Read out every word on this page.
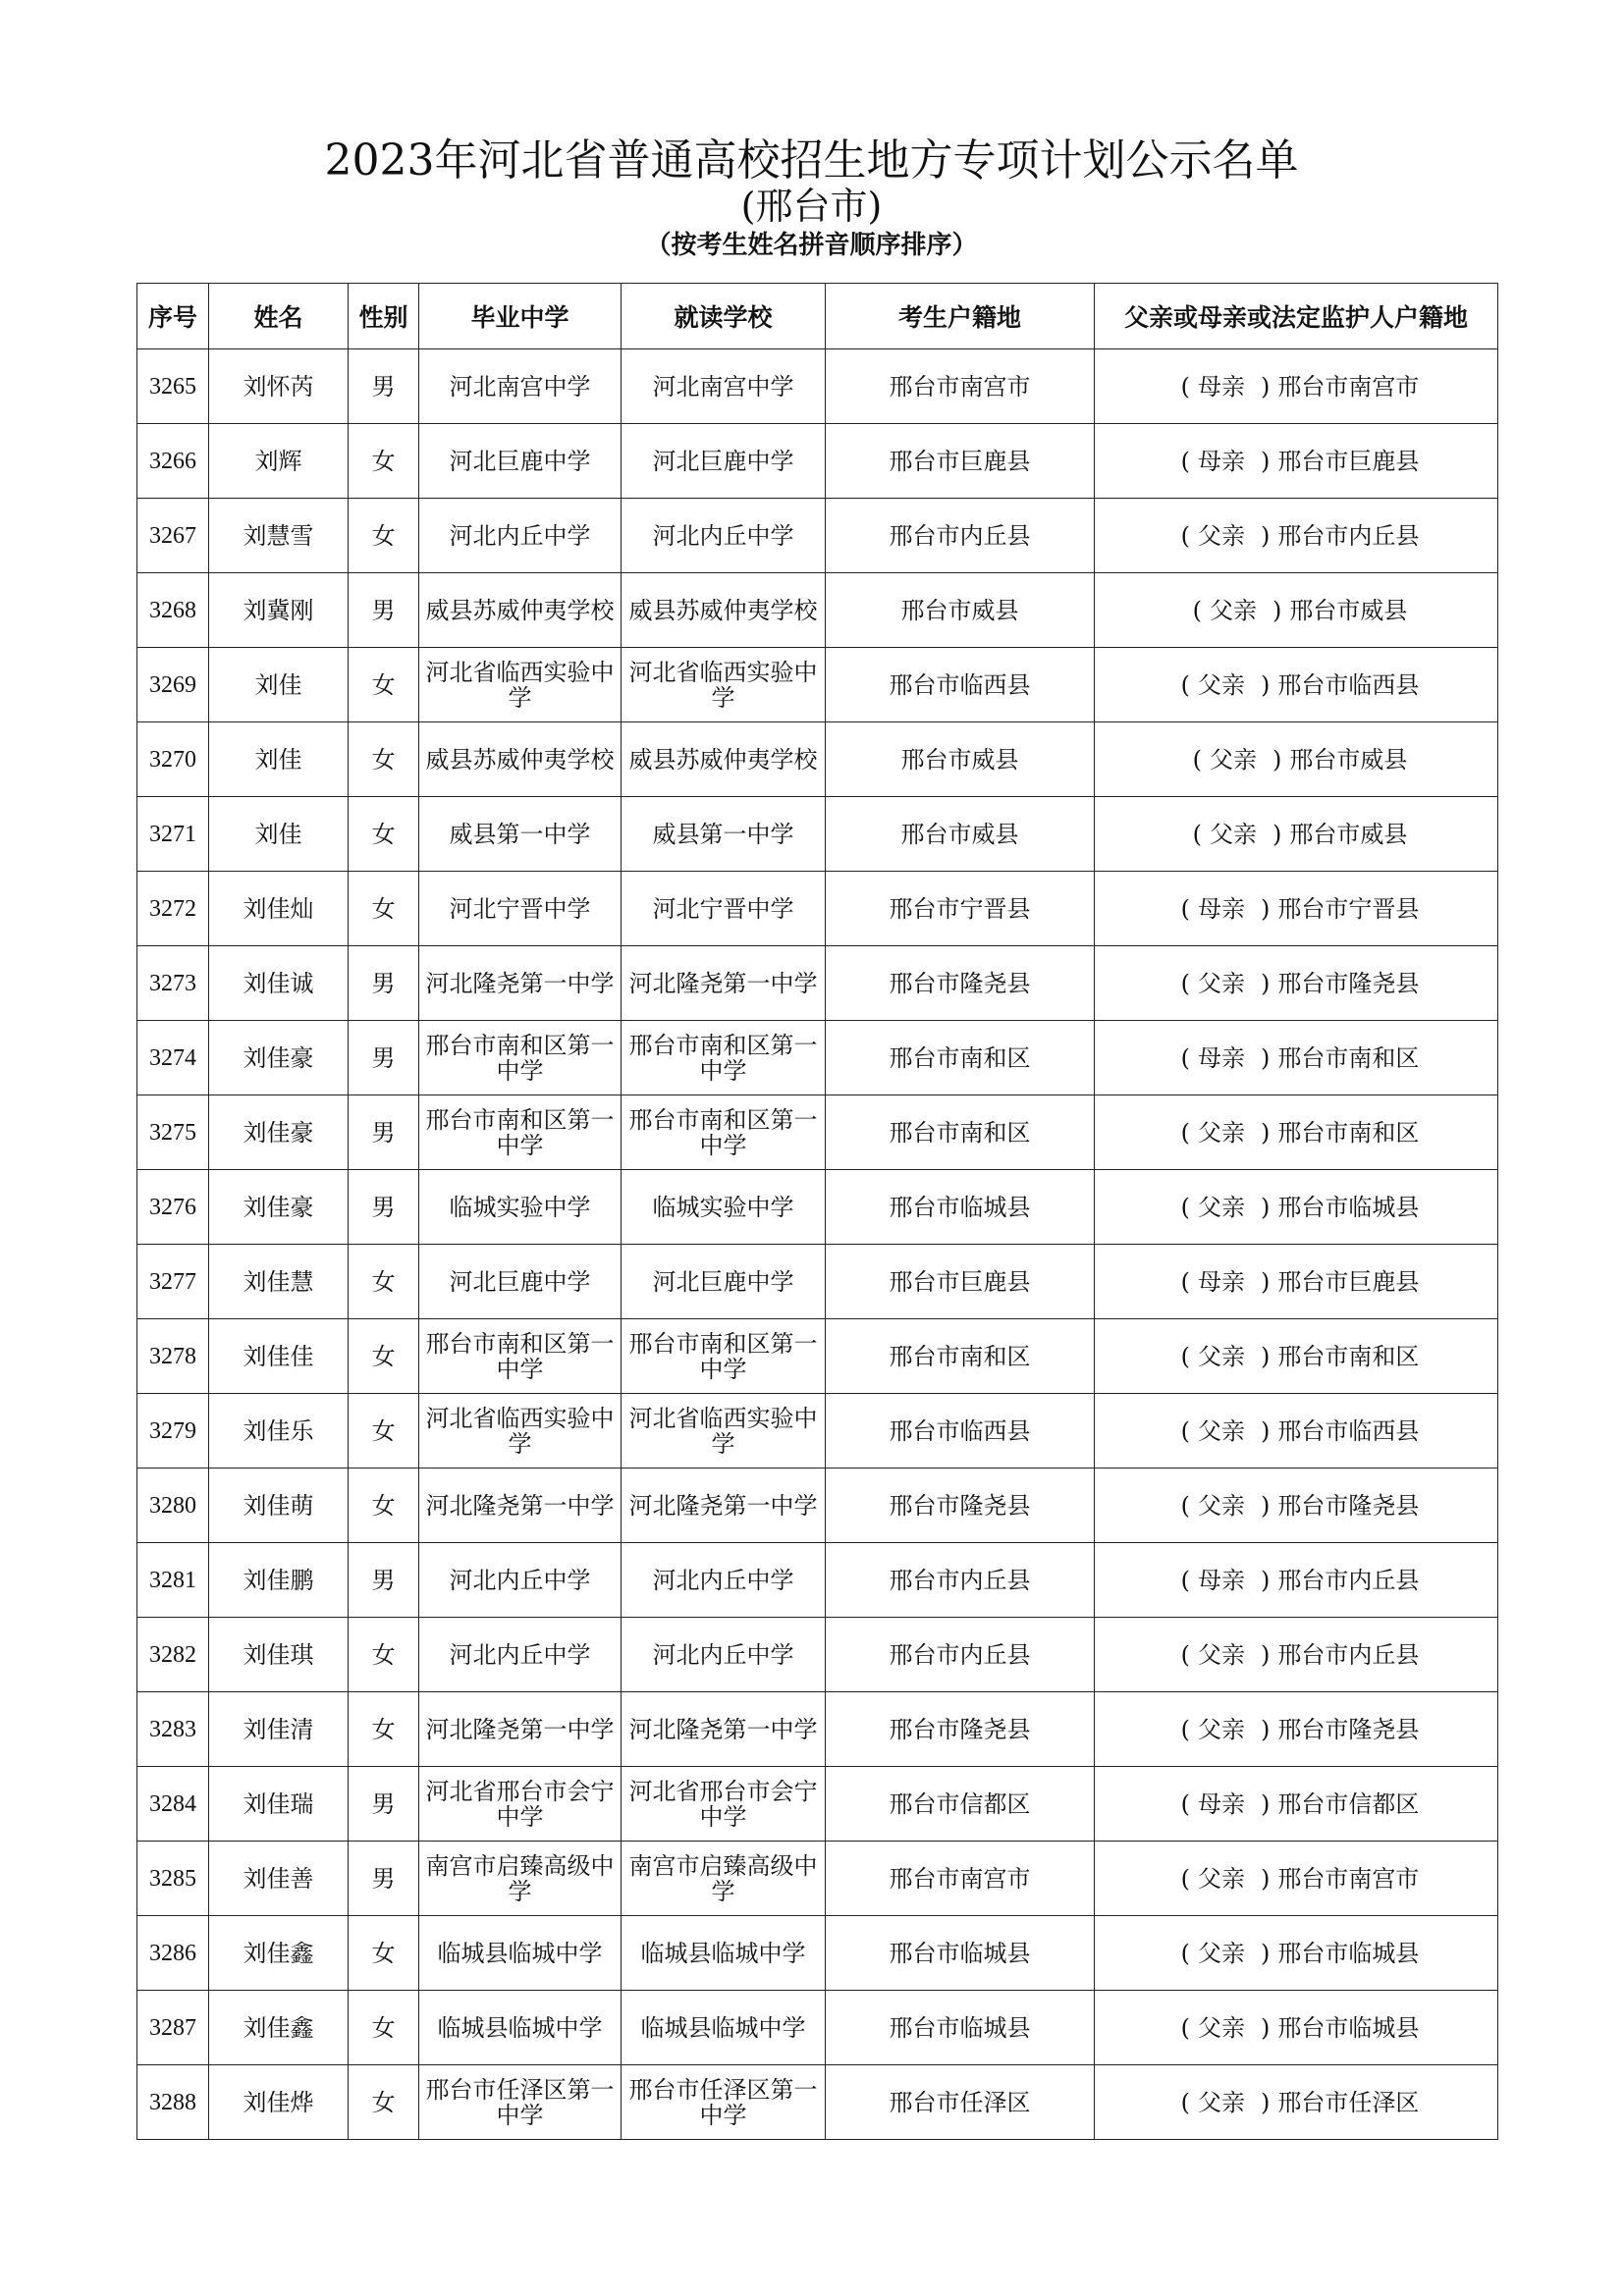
2023年河北省普通高校招生地方专项计划公示名单
(邢台市)
（按考生姓名拼音顺序排序）
序号	姓名	性别	毕业中学	就读学校	考生户籍地	父亲或母亲或法定监护人户籍地
3265	刘怀芮	男	河北南宫中学	河北南宫中学	邢台市南宫市	( 母亲 ) 邢台市南宫市
3266	刘辉	女	河北巨鹿中学	河北巨鹿中学	邢台市巨鹿县	( 母亲 ) 邢台市巨鹿县
3267	刘慧雪	女	河北内丘中学	河北内丘中学	邢台市内丘县	( 父亲 ) 邢台市内丘县
3268	刘冀刚	男	威县苏威仲夷学校	威县苏威仲夷学校	邢台市威县	( 父亲 ) 邢台市威县
3269	刘佳	女	河北省临西实验中学	河北省临西实验中学	邢台市临西县	( 父亲 ) 邢台市临西县
3270	刘佳	女	威县苏威仲夷学校	威县苏威仲夷学校	邢台市威县	( 父亲 ) 邢台市威县
3271	刘佳	女	威县第一中学	威县第一中学	邢台市威县	( 父亲 ) 邢台市威县
3272	刘佳灿	女	河北宁晋中学	河北宁晋中学	邢台市宁晋县	( 母亲 ) 邢台市宁晋县
3273	刘佳诚	男	河北隆尧第一中学	河北隆尧第一中学	邢台市隆尧县	( 父亲 ) 邢台市隆尧县
3274	刘佳豪	男	邢台市南和区第一中学	邢台市南和区第一中学	邢台市南和区	( 母亲 ) 邢台市南和区
3275	刘佳豪	男	邢台市南和区第一中学	邢台市南和区第一中学	邢台市南和区	( 父亲 ) 邢台市南和区
3276	刘佳豪	男	临城实验中学	临城实验中学	邢台市临城县	( 父亲 ) 邢台市临城县
3277	刘佳慧	女	河北巨鹿中学	河北巨鹿中学	邢台市巨鹿县	( 母亲 ) 邢台市巨鹿县
3278	刘佳佳	女	邢台市南和区第一中学	邢台市南和区第一中学	邢台市南和区	( 父亲 ) 邢台市南和区
3279	刘佳乐	女	河北省临西实验中学	河北省临西实验中学	邢台市临西县	( 父亲 ) 邢台市临西县
3280	刘佳萌	女	河北隆尧第一中学	河北隆尧第一中学	邢台市隆尧县	( 父亲 ) 邢台市隆尧县
3281	刘佳鹏	男	河北内丘中学	河北内丘中学	邢台市内丘县	( 母亲 ) 邢台市内丘县
3282	刘佳琪	女	河北内丘中学	河北内丘中学	邢台市内丘县	( 父亲 ) 邢台市内丘县
3283	刘佳清	女	河北隆尧第一中学	河北隆尧第一中学	邢台市隆尧县	( 父亲 ) 邢台市隆尧县
3284	刘佳瑞	男	河北省邢台市会宁中学	河北省邢台市会宁中学	邢台市信都区	( 母亲 ) 邢台市信都区
3285	刘佳善	男	南宫市启臻高级中学	南宫市启臻高级中学	邢台市南宫市	( 父亲 ) 邢台市南宫市
3286	刘佳鑫	女	临城县临城中学	临城县临城中学	邢台市临城县	( 父亲 ) 邢台市临城县
3287	刘佳鑫	女	临城县临城中学	临城县临城中学	邢台市临城县	( 父亲 ) 邢台市临城县
3288	刘佳烨	女	邢台市任泽区第一中学	邢台市任泽区第一中学	邢台市任泽区	( 父亲 ) 邢台市任泽区
